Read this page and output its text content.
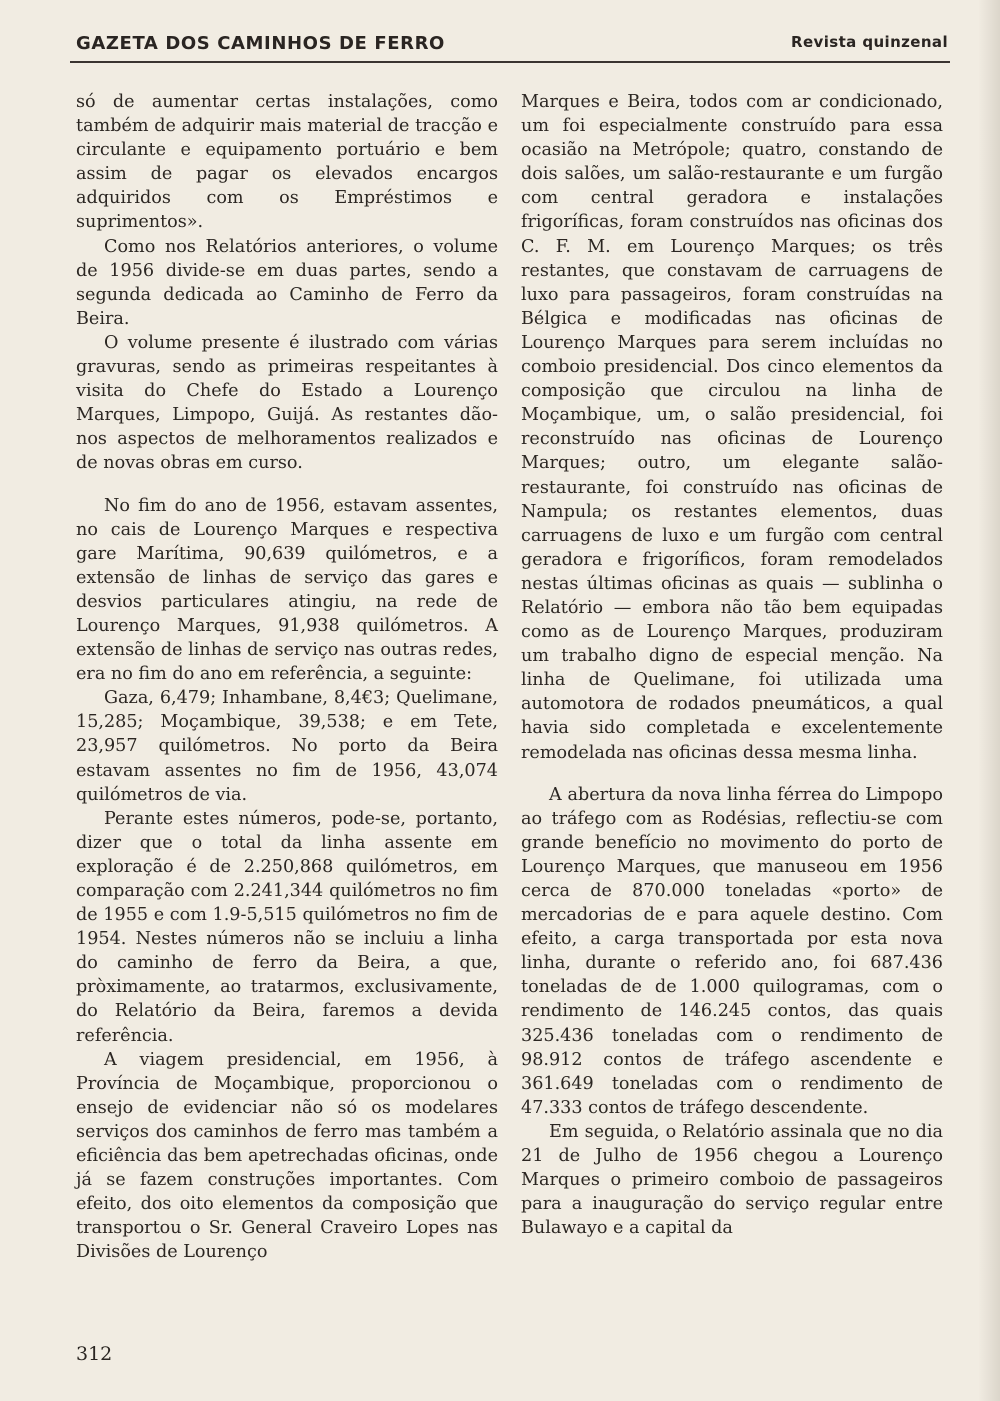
GAZETA DOS CAMINHOS DE FERRO	Revista quinzenal

só de aumentar certas instalações, como também de adquirir mais material de tracção e circulante e equipamento portuário e bem assim de pagar os elevados encargos adquiridos com os Empréstimos e suprimentos».

Como nos Relatórios anteriores, o volume de 1956 divide-se em duas partes, sendo a segunda dedicada ao Caminho de Ferro da Beira.

O volume presente é ilustrado com várias gravuras, sendo as primeiras respeitantes à visita do Chefe do Estado a Lourenço Marques, Limpopo, Guijá. As restantes dão-nos aspectos de melhoramentos realizados e de novas obras em curso.

No fim do ano de 1956, estavam assentes, no cais de Lourenço Marques e respectiva gare Marítima, 90,639 quilómetros, e a extensão de linhas de serviço das gares e desvios particulares atingiu, na rede de Lourenço Marques, 91,938 quilómetros. A extensão de linhas de serviço nas outras redes, era no fim do ano em referência, a seguinte:

Gaza, 6,479; Inhambane, 8,4€3; Quelimane, 15,285; Moçambique, 39,538; e em Tete, 23,957 quilómetros. No porto da Beira estavam assentes no fim de 1956, 43,074 quilómetros de via.

Perante estes números, pode-se, portanto, dizer que o total da linha assente em exploração é de 2.250,868 quilómetros, em comparação com 2.241,344 quilómetros no fim de 1955 e com 1.9-5,515 quilómetros no fim de 1954. Nestes números não se incluiu a linha do caminho de ferro da Beira, a que, pròximamente, ao tratarmos, exclusivamente, do Relatório da Beira, faremos a devida referência.

A viagem presidencial, em 1956, à Província de Moçambique, proporcionou o ensejo de evidenciar não só os modelares serviços dos caminhos de ferro mas também a eficiência das bem apetrechadas oficinas, onde já se fazem construções importantes. Com efeito, dos oito elementos da composição que transportou o Sr. General Craveiro Lopes nas Divisões de Lourenço

Marques e Beira, todos com ar condicionado, um foi especialmente construído para essa ocasião na Metrópole; quatro, constando de dois salões, um salão-restaurante e um furgão com central geradora e instalações frigoríficas, foram construídos nas oficinas dos C. F. M. em Lourenço Marques; os três restantes, que constavam de carruagens de luxo para passageiros, foram construídas na Bélgica e modificadas nas oficinas de Lourenço Marques para serem incluídas no comboio presidencial. Dos cinco elementos da composição que circulou na linha de Moçambique, um, o salão presidencial, foi reconstruído nas oficinas de Lourenço Marques; outro, um elegante salão-restaurante, foi construído nas oficinas de Nampula; os restantes elementos, duas carruagens de luxo e um furgão com central geradora e frigoríficos, foram remodelados nestas últimas oficinas as quais — sublinha o Relatório — embora não tão bem equipadas como as de Lourenço Marques, produziram um trabalho digno de especial menção. Na linha de Quelimane, foi utilizada uma automotora de rodados pneumáticos, a qual havia sido completada e excelentemente remodelada nas oficinas dessa mesma linha.

A abertura da nova linha férrea do Limpopo ao tráfego com as Rodésias, reflectiu-se com grande benefício no movimento do porto de Lourenço Marques, que manuseou em 1956 cerca de 870.000 toneladas «porto» de mercadorias de e para aquele destino. Com efeito, a carga transportada por esta nova linha, durante o referido ano, foi 687.436 toneladas de de 1.000 quilogramas, com o rendimento de 146.245 contos, das quais 325.436 toneladas com o rendimento de 98.912 contos de tráfego ascendente e 361.649 toneladas com o rendimento de 47.333 contos de tráfego descendente.

Em seguida, o Relatório assinala que no dia 21 de Julho de 1956 chegou a Lourenço Marques o primeiro comboio de passageiros para a inauguração do serviço regular entre Bulawayo e a capital da

312
